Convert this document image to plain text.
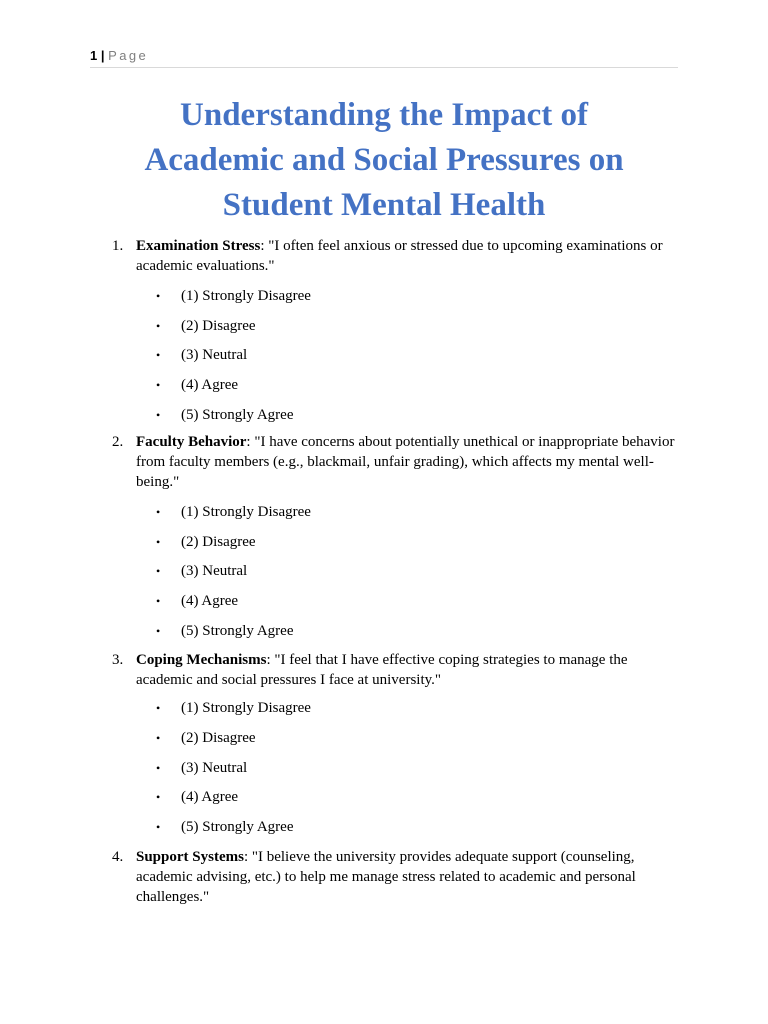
1 | Page
Understanding the Impact of
Academic and Social Pressures on
Student Mental Health
1. Examination Stress: "I often feel anxious or stressed due to upcoming examinations or academic evaluations."
• (1) Strongly Disagree
• (2) Disagree
• (3) Neutral
• (4) Agree
• (5) Strongly Agree
2. Faculty Behavior: "I have concerns about potentially unethical or inappropriate behavior from faculty members (e.g., blackmail, unfair grading), which affects my mental well-being."
• (1) Strongly Disagree
• (2) Disagree
• (3) Neutral
• (4) Agree
• (5) Strongly Agree
3. Coping Mechanisms: "I feel that I have effective coping strategies to manage the academic and social pressures I face at university."
• (1) Strongly Disagree
• (2) Disagree
• (3) Neutral
• (4) Agree
• (5) Strongly Agree
4. Support Systems: "I believe the university provides adequate support (counseling, academic advising, etc.) to help me manage stress related to academic and personal challenges."
